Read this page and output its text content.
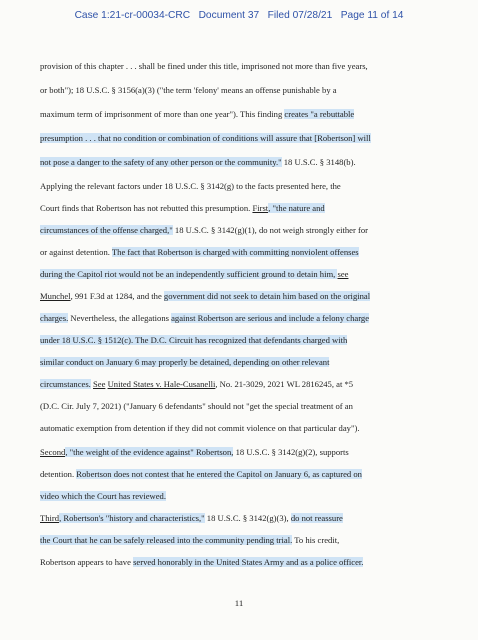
Case 1:21-cr-00034-CRC Document 37 Filed 07/28/21 Page 11 of 14
provision of this chapter . . . shall be fined under this title, imprisoned not more than five years,
or both"); 18 U.S.C. § 3156(a)(3) ("the term 'felony' means an offense punishable by a
maximum term of imprisonment of more than one year"). This finding creates "a rebuttable
presumption . . . that no condition or combination of conditions will assure that [Robertson] will
not pose a danger to the safety of any other person or the community." 18 U.S.C. § 3148(b).
Applying the relevant factors under 18 U.S.C. § 3142(g) to the facts presented here, the
Court finds that Robertson has not rebutted this presumption. First, "the nature and
circumstances of the offense charged," 18 U.S.C. § 3142(g)(1), do not weigh strongly either for
or against detention. The fact that Robertson is charged with committing nonviolent offenses
during the Capitol riot would not be an independently sufficient ground to detain him, see
Munchel, 991 F.3d at 1284, and the government did not seek to detain him based on the original
charges. Nevertheless, the allegations against Robertson are serious and include a felony charge
under 18 U.S.C. § 1512(c). The D.C. Circuit has recognized that defendants charged with
similar conduct on January 6 may properly be detained, depending on other relevant
circumstances. See United States v. Hale-Cusanelli, No. 21-3029, 2021 WL 2816245, at *5
(D.C. Cir. July 7, 2021) ("January 6 defendants" should not "get the special treatment of an
automatic exemption from detention if they did not commit violence on that particular day").
Second, "the weight of the evidence against" Robertson, 18 U.S.C. § 3142(g)(2), supports
detention. Robertson does not contest that he entered the Capitol on January 6, as captured on
video which the Court has reviewed.
Third, Robertson's "history and characteristics," 18 U.S.C. § 3142(g)(3), do not reassure
the Court that he can be safely released into the community pending trial. To his credit,
Robertson appears to have served honorably in the United States Army and as a police officer.
11
